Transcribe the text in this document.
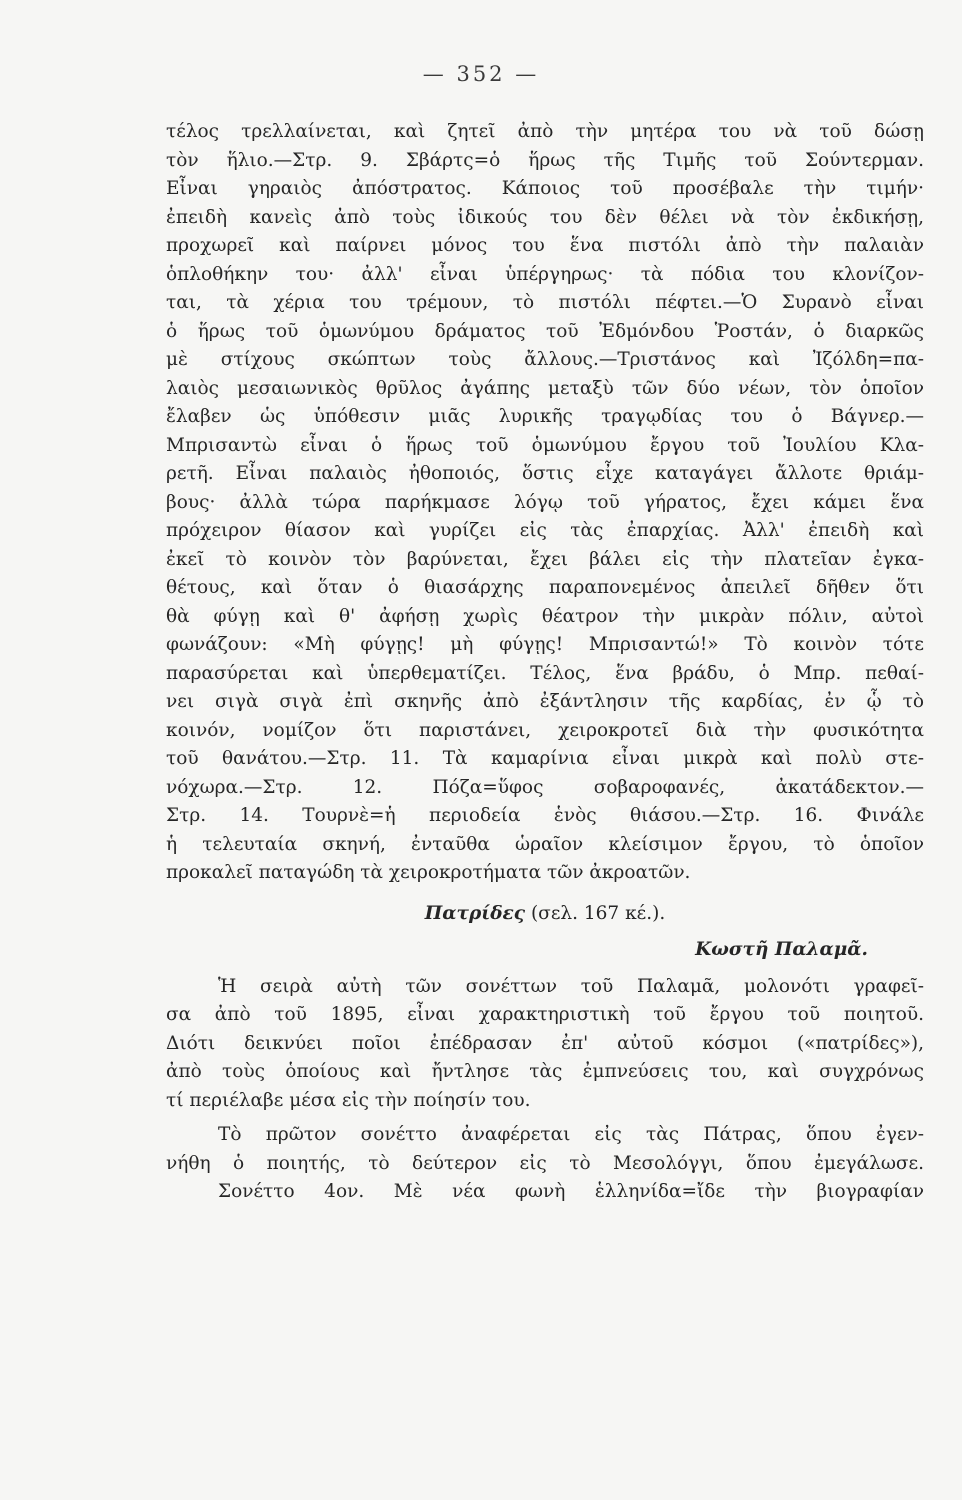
— 352 —
τέλος τρελλαίνεται, καὶ ζητεῖ ἀπὸ τὴν μητέρα του νὰ τοῦ δώσῃ
τὸν ἥλιο.—Στρ. 9. Σβάρτς=ὁ ἥρως τῆς Τιμῆς τοῦ Σούντερμαν.
Εἶναι γηραιὸς ἀπόστρατος. Κάποιος τοῦ προσέβαλε τὴν τιμήν·
ἐπειδὴ κανεὶς ἀπὸ τοὺς ἰδικούς του δὲν θέλει νὰ τὸν ἐκδικήσῃ,
προχωρεῖ καὶ παίρνει μόνος του ἕνα πιστόλι ἀπὸ τὴν παλαιὰν
ὁπλοθήκην του· ἀλλ' εἶναι ὑπέργηρως· τὰ πόδια του κλονίζον-
ται, τὰ χέρια του τρέμουν, τὸ πιστόλι πέφτει.—Ὁ Συρανὸ εἶναι
ὁ ἥρως τοῦ ὁμωνύμου δράματος τοῦ Ἐδμόνδου Ῥοστάν, ὁ διαρκῶς
μὲ στίχους σκώπτων τοὺς ἄλλους.—Τριστάνος καὶ Ἰζόλδη=πα-
λαιὸς μεσαιωνικὸς θρῦλος ἀγάπης μεταξὺ τῶν δύο νέων, τὸν ὁποῖον
ἔλαβεν ὡς ὑπόθεσιν μιᾶς λυρικῆς τραγῳδίας του ὁ Βάγνερ.—
Μπρισαντὼ εἶναι ὁ ἥρως τοῦ ὁμωνύμου ἔργου τοῦ Ἰουλίου Κλα-
ρετῆ. Εἶναι παλαιὸς ἠθοποιός, ὅστις εἶχε καταγάγει ἄλλοτε θριάμ-
βους· ἀλλὰ τώρα παρήκμασε λόγῳ τοῦ γήρατος, ἔχει κάμει ἕνα
πρόχειρον θίασον καὶ γυρίζει εἰς τὰς ἐπαρχίας. Ἀλλ' ἐπειδὴ καὶ
ἐκεῖ τὸ κοινὸν τὸν βαρύνεται, ἔχει βάλει εἰς τὴν πλατεῖαν ἐγκα-
θέτους, καὶ ὅταν ὁ θιασάρχης παραπονεμένος ἀπειλεῖ δῆθεν ὅτι
θὰ φύγῃ καὶ θ' ἀφήσῃ χωρὶς θέατρον τὴν μικρὰν πόλιν, αὐτοὶ
φωνάζουν: «Μὴ φύγῃς! μὴ φύγῃς! Μπρισαντώ!» Τὸ κοινὸν τότε
παρασύρεται καὶ ὑπερθεματίζει. Τέλος, ἕνα βράδυ, ὁ Μπρ. πεθαί-
νει σιγὰ σιγὰ ἐπὶ σκηνῆς ἀπὸ ἐξάντλησιν τῆς καρδίας, ἐν ᾧ τὸ
κοινόν, νομίζον ὅτι παριστάνει, χειροκροτεῖ διὰ τὴν φυσικότητα
τοῦ θανάτου.—Στρ. 11. Τὰ καμαρίνια εἶναι μικρὰ καὶ πολὺ στε-
νόχωρα.—Στρ. 12. Πόζα=ὕφος σοβαροφανές, ἀκατάδεκτον.—
Στρ. 14. Τουρνὲ=ἡ περιοδεία ἑνὸς θιάσου.—Στρ. 16. Φινάλε
ἡ τελευταία σκηνή, ἐνταῦθα ὡραῖον κλείσιμον ἔργου, τὸ ὁποῖον
προκαλεῖ παταγώδη τὰ χειροκροτήματα τῶν ἀκροατῶν.
Πατρίδες (σελ. 167 κέ.).
Κωστῆ Παλαμᾶ.
Ἡ σειρὰ αὐτὴ τῶν σονέττων τοῦ Παλαμᾶ, μολονότι γραφεῖ-
σα ἀπὸ τοῦ 1895, εἶναι χαρακτηριστικὴ τοῦ ἔργου τοῦ ποιητοῦ.
Διότι δεικνύει ποῖοι ἐπέδρασαν ἐπ' αὐτοῦ κόσμοι («πατρίδες»),
ἀπὸ τοὺς ὁποίους καὶ ἤντλησε τὰς ἐμπνεύσεις του, καὶ συγχρόνως
τί περιέλαβε μέσα εἰς τὴν ποίησίν του.
Τὸ πρῶτον σονέττο ἀναφέρεται εἰς τὰς Πάτρας, ὅπου ἐγεν-
νήθη ὁ ποιητής, τὸ δεύτερον εἰς τὸ Μεσολόγγι, ὅπου ἐμεγάλωσε.
Σονέττο 4ον. Μὲ νέα φωνὴ ἑλληνίδα=ἴδε τὴν βιογραφίαν
